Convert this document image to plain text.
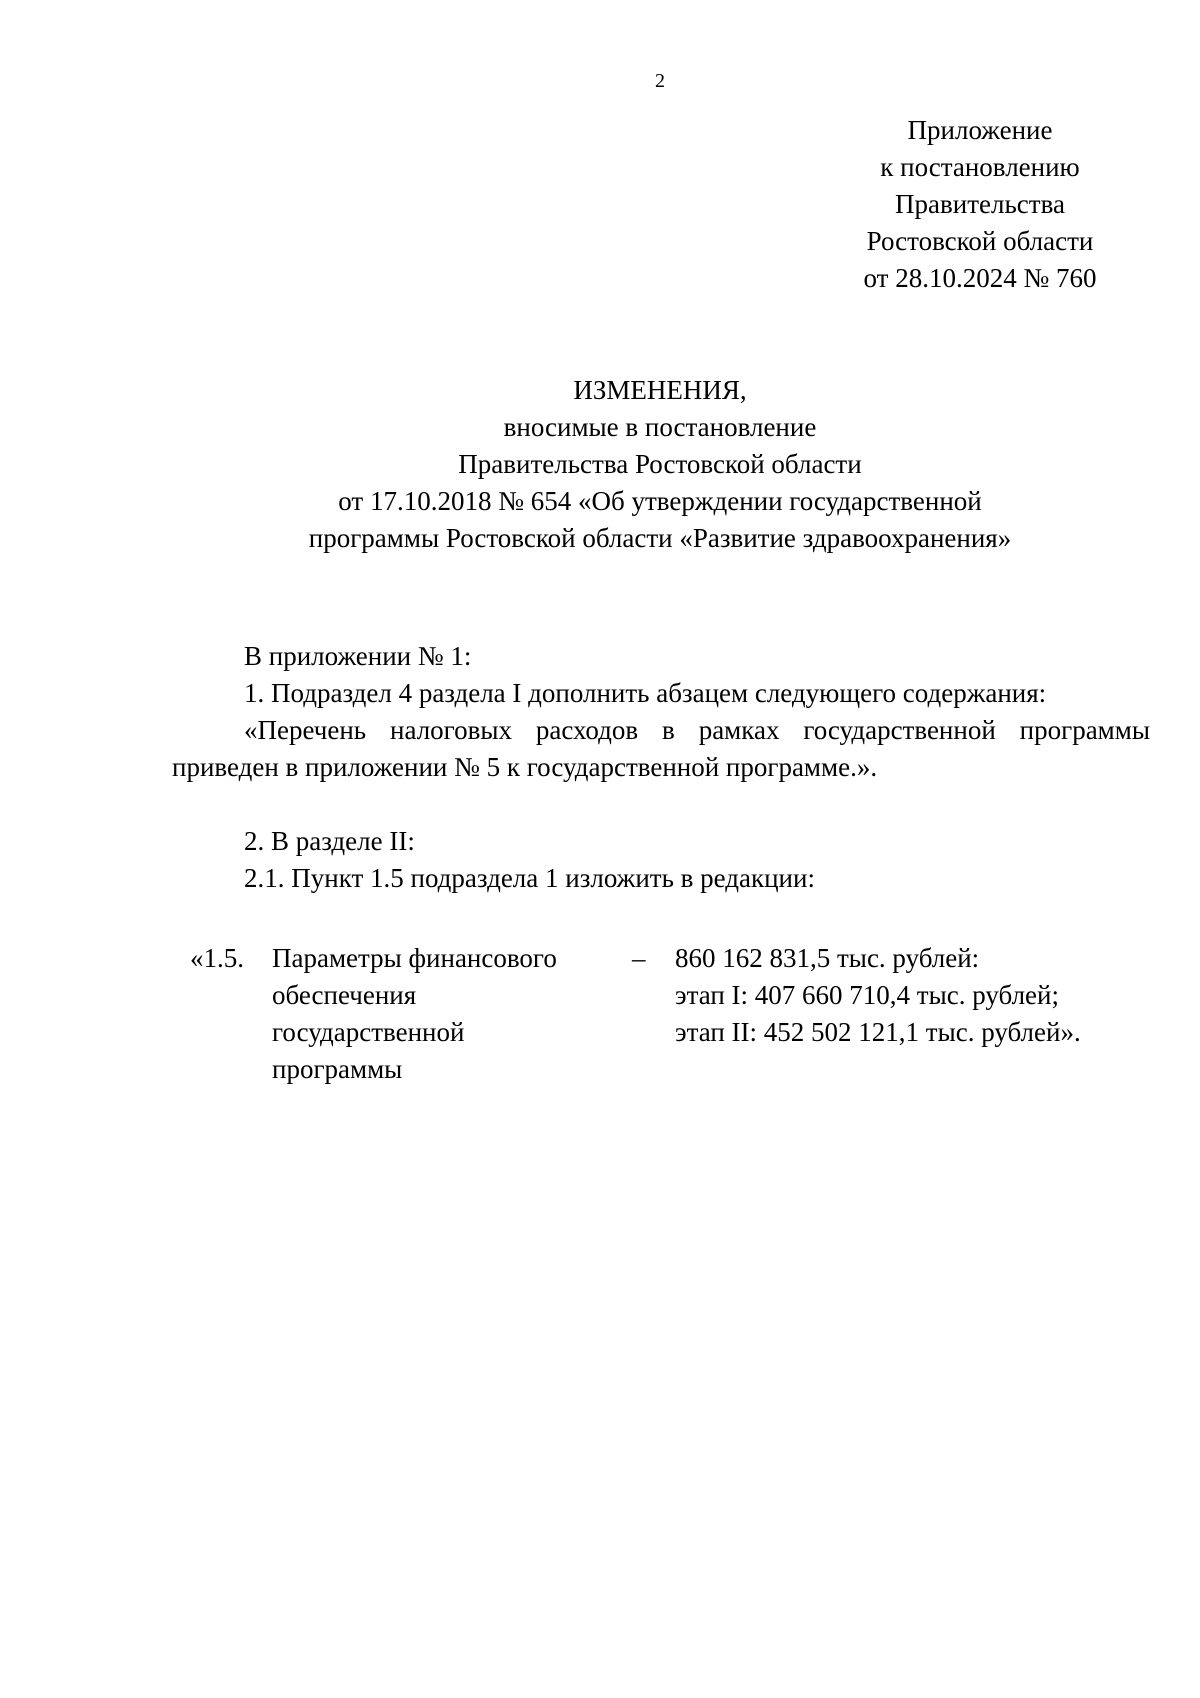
2
Приложение
к постановлению
Правительства
Ростовской области
от 28.10.2024 № 760
ИЗМЕНЕНИЯ,
вносимые в постановление
Правительства Ростовской области
от 17.10.2018 № 654 «Об утверждении государственной
программы Ростовской области «Развитие здравоохранения»

В приложении № 1:

1. Подраздел 4 раздела I дополнить абзацем следующего содержания:

«Перечень налоговых расходов в рамках государственной программы приведен в приложении № 5 к государственной программе.».

2. В разделе II:

2.1. Пункт 1.5 подраздела 1 изложить в редакции:

«1.5. Параметры финансового
обеспечения
государственной
программы
– 860 162 831,5 тыс. рублей:
этап I: 407 660 710,4 тыс. рублей;
этап II: 452 502 121,1 тыс. рублей».
